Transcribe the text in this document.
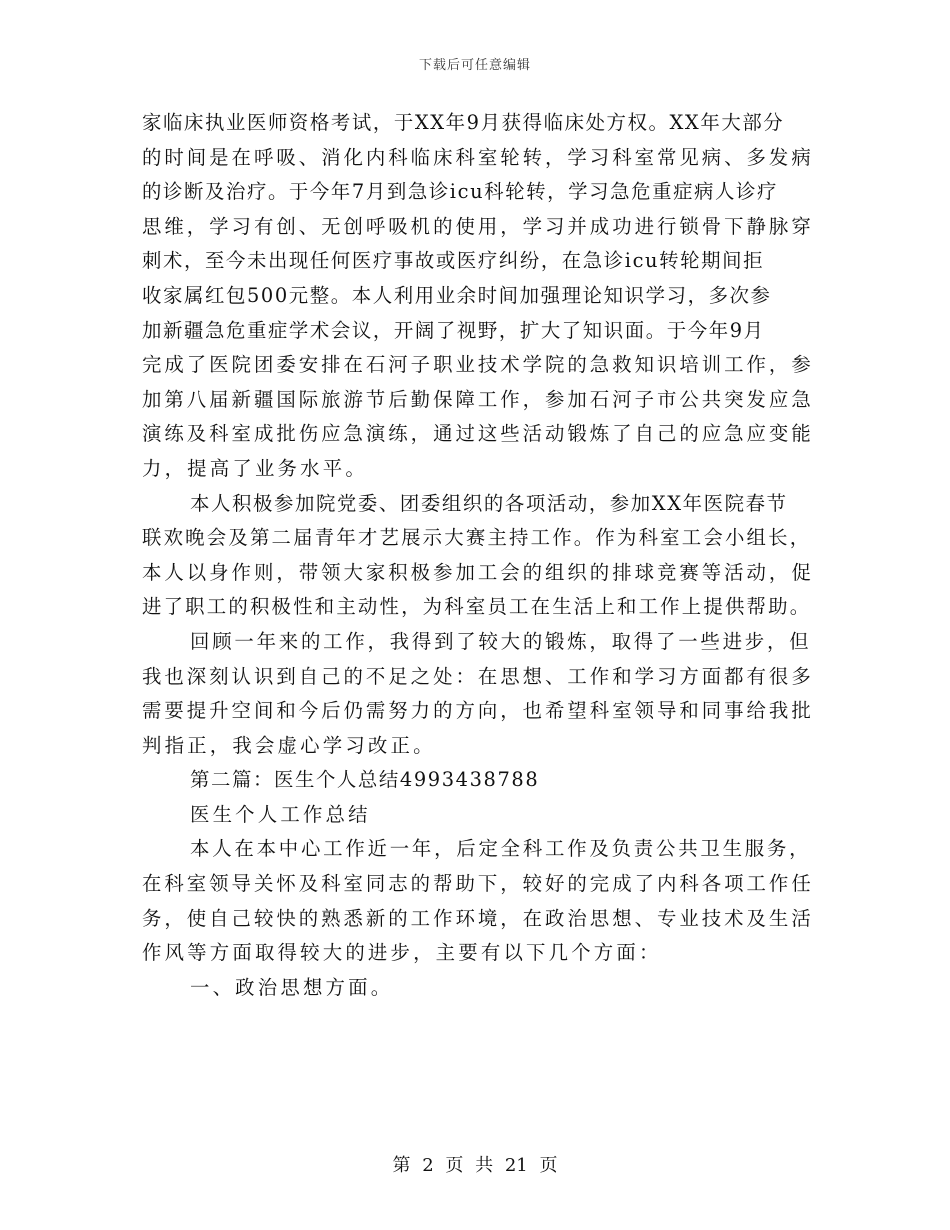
下载后可任意编辑
家临床执业医师资格考试，于XX年9月获得临床处方权。XX年大部分
的时间是在呼吸、消化内科临床科室轮转，学习科室常见病、多发病
的诊断及治疗。于今年7月到急诊icu科轮转，学习急危重症病人诊疗
思维，学习有创、无创呼吸机的使用，学习并成功进行锁骨下静脉穿
刺术，至今未出现任何医疗事故或医疗纠纷，在急诊icu转轮期间拒
收家属红包500元整。本人利用业余时间加强理论知识学习，多次参
加新疆急危重症学术会议，开阔了视野，扩大了知识面。于今年9月
完成了医院团委安排在石河子职业技术学院的急救知识培训工作，参
加第八届新疆国际旅游节后勤保障工作，参加石河子市公共突发应急
演练及科室成批伤应急演练，通过这些活动锻炼了自己的应急应变能
力，提高了业务水平。
本人积极参加院党委、团委组织的各项活动，参加XX年医院春节
联欢晚会及第二届青年才艺展示大赛主持工作。作为科室工会小组长，
本人以身作则，带领大家积极参加工会的组织的排球竞赛等活动，促
进了职工的积极性和主动性，为科室员工在生活上和工作上提供帮助。
回顾一年来的工作，我得到了较大的锻炼，取得了一些进步，但
我也深刻认识到自己的不足之处：在思想、工作和学习方面都有很多
需要提升空间和今后仍需努力的方向，也希望科室领导和同事给我批
判指正，我会虚心学习改正。
第二篇：医生个人总结4993438788
医生个人工作总结
本人在本中心工作近一年，后定全科工作及负责公共卫生服务，
在科室领导关怀及科室同志的帮助下，较好的完成了内科各项工作任
务，使自己较快的熟悉新的工作环境，在政治思想、专业技术及生活
作风等方面取得较大的进步，主要有以下几个方面：
一、政治思想方面。
第 2 页 共 21 页
